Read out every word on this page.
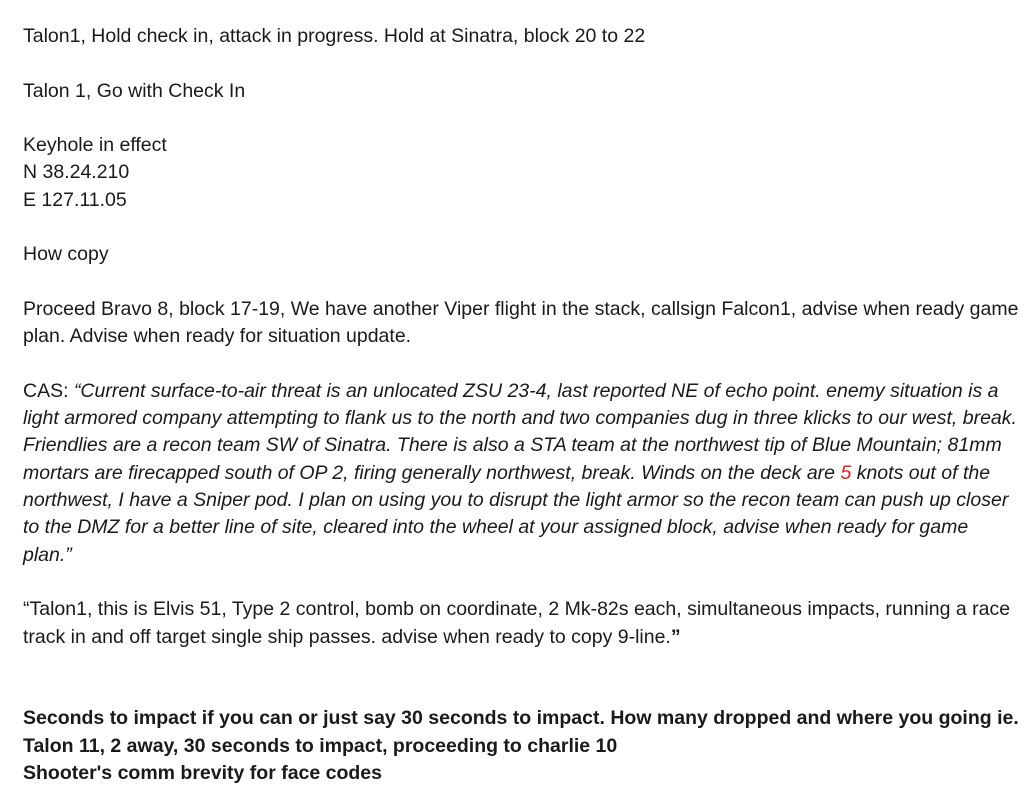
Talon1, Hold check in, attack in progress. Hold at Sinatra, block 20 to 22
Talon 1, Go with Check In
Keyhole in effect
N 38.24.210
E 127.11.05
How copy
Proceed Bravo 8, block 17-19, We have another Viper flight in the stack, callsign Falcon1, advise when ready game plan. Advise when ready for situation update.
CAS: “Current surface-to-air threat is an unlocated ZSU 23-4, last reported NE of echo point. enemy situation is a light armored company attempting to flank us to the north and two companies dug in three klicks to our west, break. Friendlies are a recon team SW of Sinatra. There is also a STA team at the northwest tip of Blue Mountain; 81mm mortars are firecapped south of OP 2, firing generally northwest, break. Winds on the deck are 5 knots out of the northwest, I have a Sniper pod. I plan on using you to disrupt the light armor so the recon team can push up closer to the DMZ for a better line of site, cleared into the wheel at your assigned block, advise when ready for game plan.”
“Talon1, this is Elvis 51, Type 2 control, bomb on coordinate, 2 Mk-82s each, simultaneous impacts, running a race track in and off target single ship passes. advise when ready to copy 9-line.”
Seconds to impact if you can or just say 30 seconds to impact. How many dropped and where you going ie. Talon 11, 2 away, 30 seconds to impact, proceeding to charlie 10
Shooter's comm brevity for face codes
